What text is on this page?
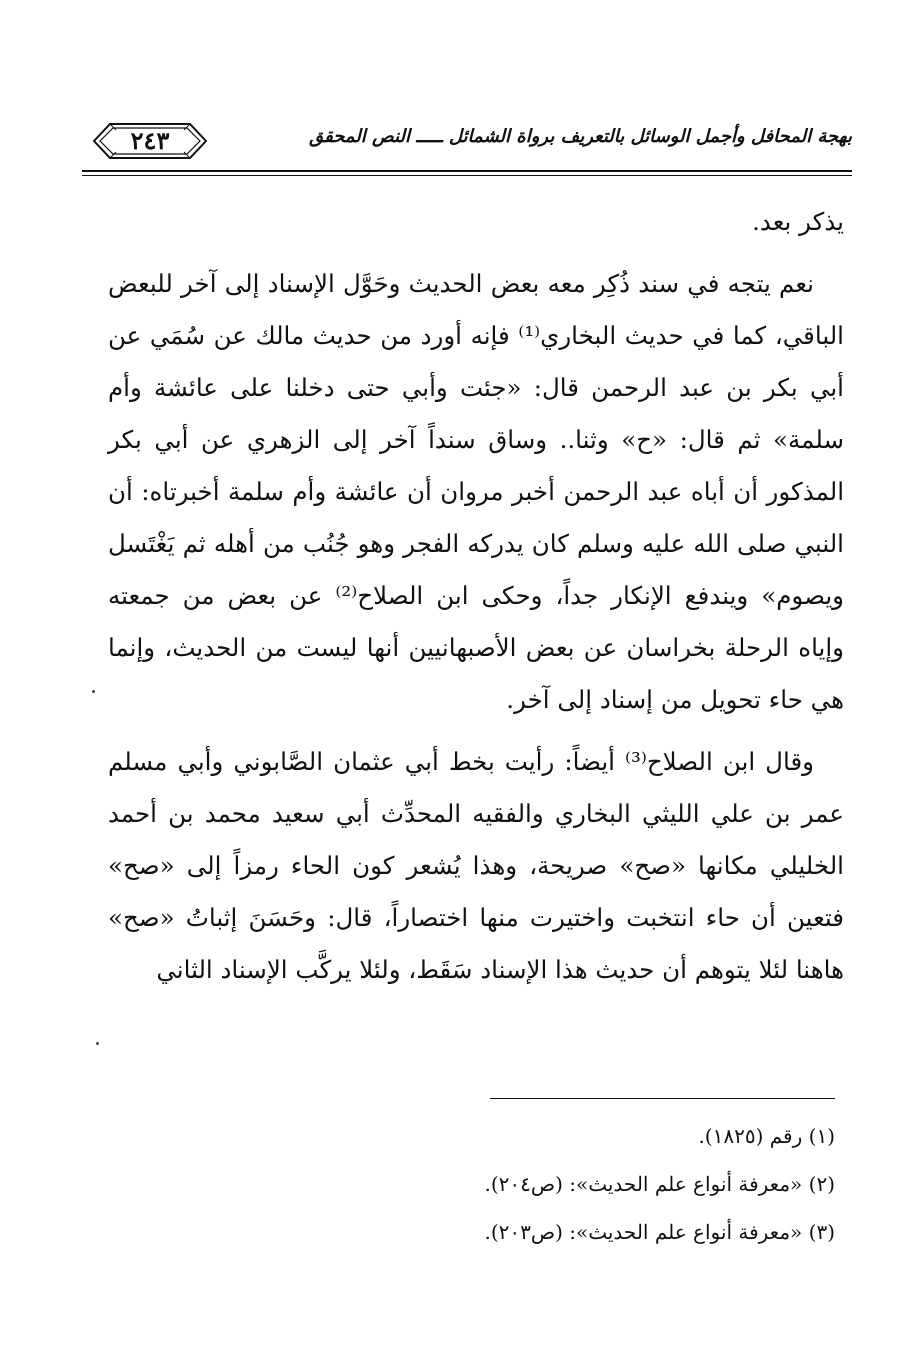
بهجة المحافل وأجمل الوسائل بالتعريف برواة الشمائل ـــــ النص المحقق
٢٤٣

يذكر بعد.

نعم يتجه في سند ذُكِر معه بعض الحديث وحَوَّل الإسناد إلى آخر للبعض الباقي، كما في حديث البخاري⁽¹⁾ فإنه أورد من حديث مالك عن سُمَي عن أبي بكر بن عبد الرحمن قال: «جئت وأبي حتى دخلنا على عائشة وأم سلمة» ثم قال: «ح» وثنا.. وساق سنداً آخر إلى الزهري عن أبي بكر المذكور أن أباه عبد الرحمن أخبر مروان أن عائشة وأم سلمة أخبرتاه: أن النبي صلى الله عليه وسلم كان يدركه الفجر وهو جُنُب من أهله ثم يَغْتَسل ويصوم» ويندفع الإنكار جداً، وحكى ابن الصلاح⁽²⁾ عن بعض من جمعته وإياه الرحلة بخراسان عن بعض الأصبهانيين أنها ليست من الحديث، وإنما هي حاء تحويل من إسناد إلى آخر.

وقال ابن الصلاح⁽³⁾ أيضاً: رأيت بخط أبي عثمان الصَّابوني وأبي مسلم عمر بن علي الليثي البخاري والفقيه المحدِّث أبي سعيد محمد بن أحمد الخليلي مكانها «صح» صريحة، وهذا يُشعر كون الحاء رمزاً إلى «صح» فتعين أن حاء انتخبت واختيرت منها اختصاراً، قال: وحَسَنَ إثباتُ «صح» هاهنا لئلا يتوهم أن حديث هذا الإسناد سَقَط، ولئلا يركَّب الإسناد الثاني

(١) رقم (١٨٢٥).
(٢) «معرفة أنواع علم الحديث»: (ص٢٠٤).
(٣) «معرفة أنواع علم الحديث»: (ص٢٠٣).
